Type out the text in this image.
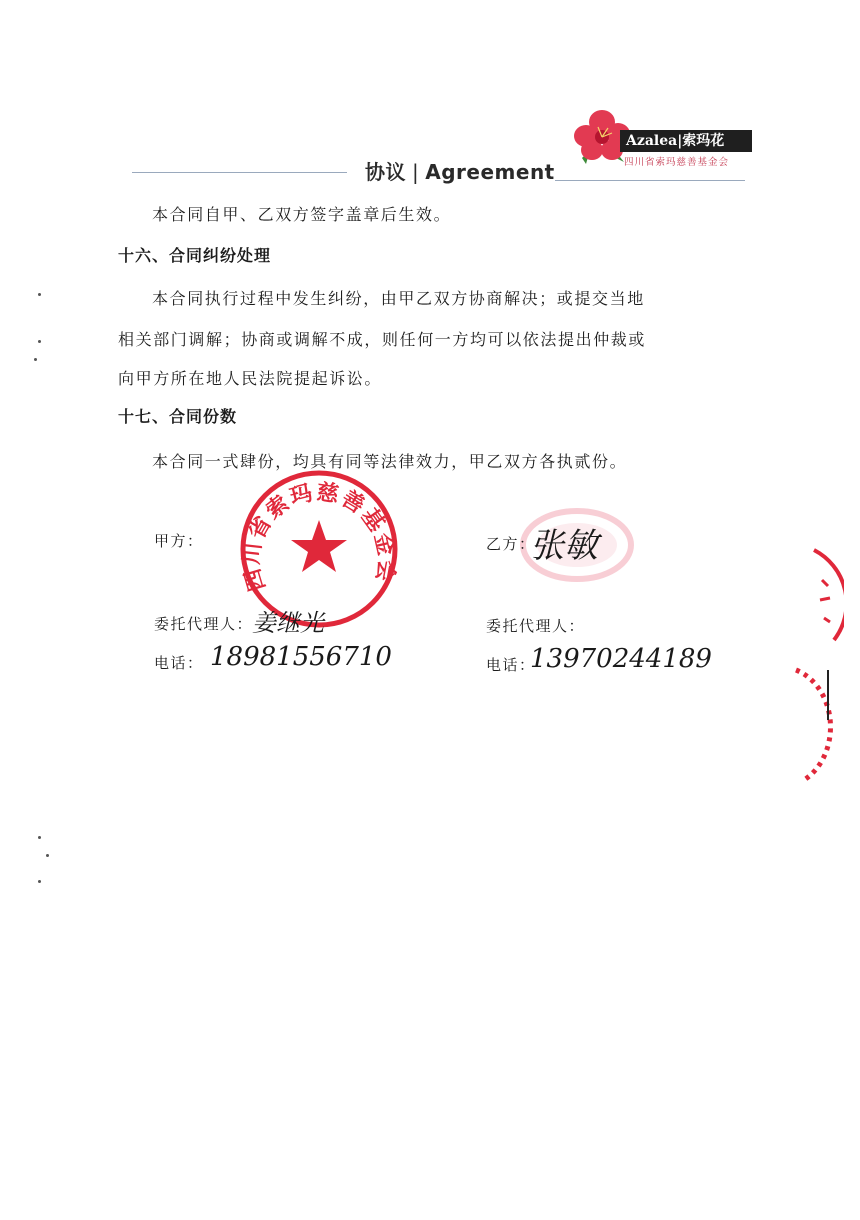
协议 | Agreement
Azalea|索玛花
四川省索玛慈善基金会
本合同自甲、乙双方签字盖章后生效。
十六、合同纠纷处理
本合同执行过程中发生纠纷，由甲乙双方协商解决；或提交当地
相关部门调解；协商或调解不成，则任何一方均可以依法提出仲裁或
向甲方所在地人民法院提起诉讼。
十七、合同份数
本合同一式肆份，均具有同等法律效力，甲乙双方各执贰份。
四川省索玛慈善基金会
甲方：
委托代理人：
姜继光
电话： 18981556710
乙方：
张敏
委托代理人：
电话：
13970244189
